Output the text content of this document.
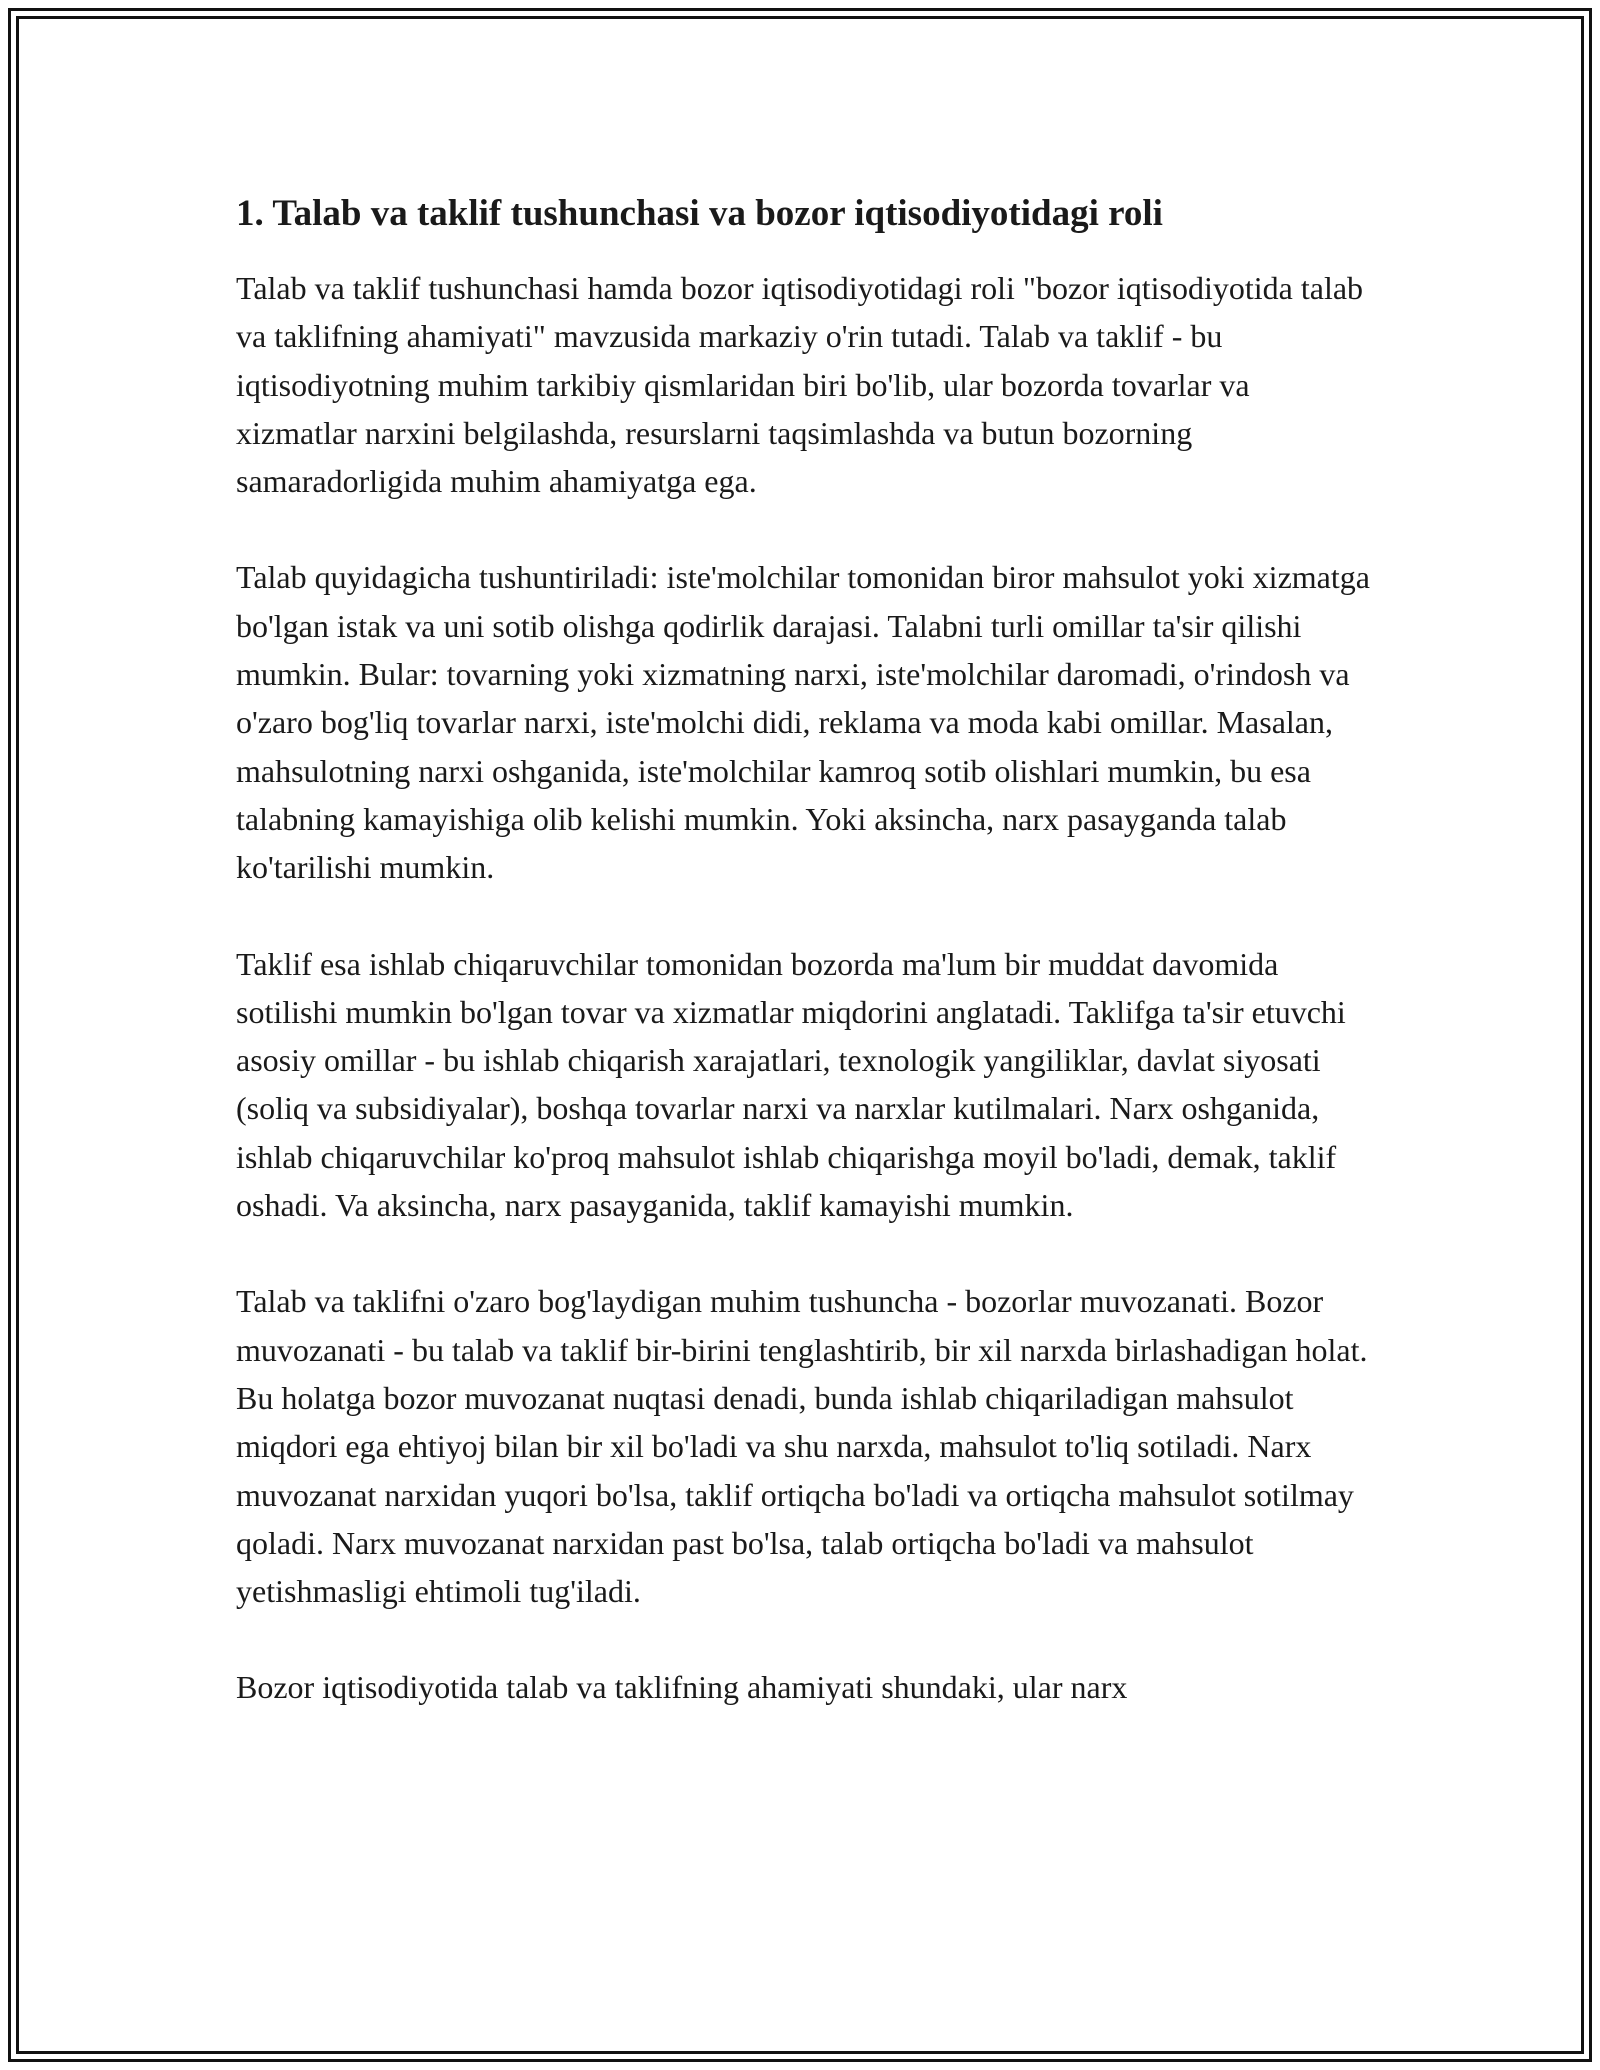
1. Talab va taklif tushunchasi va bozor iqtisodiyotidagi roli

Talab va taklif tushunchasi hamda bozor iqtisodiyotidagi roli "bozor iqtisodiyotida talab va taklifning ahamiyati" mavzusida markaziy o'rin tutadi. Talab va taklif - bu iqtisodiyotning muhim tarkibiy qismlaridan biri bo'lib, ular bozorda tovarlar va xizmatlar narxini belgilashda, resurslarni taqsimlashda va butun bozorning samaradorligida muhim ahamiyatga ega.

Talab quyidagicha tushuntiriladi: iste'molchilar tomonidan biror mahsulot yoki xizmatga bo'lgan istak va uni sotib olishga qodirlik darajasi. Talabni turli omillar ta'sir qilishi mumkin. Bular: tovarning yoki xizmatning narxi, iste'molchilar daromadi, o'rindosh va o'zaro bog'liq tovarlar narxi, iste'molchi didi, reklama va moda kabi omillar. Masalan, mahsulotning narxi oshganida, iste'molchilar kamroq sotib olishlari mumkin, bu esa talabning kamayishiga olib kelishi mumkin. Yoki aksincha, narx pasayganda talab ko'tarilishi mumkin.

Taklif esa ishlab chiqaruvchilar tomonidan bozorda ma'lum bir muddat davomida sotilishi mumkin bo'lgan tovar va xizmatlar miqdorini anglatadi. Taklifga ta'sir etuvchi asosiy omillar - bu ishlab chiqarish xarajatlari, texnologik yangiliklar, davlat siyosati (soliq va subsidiyalar), boshqa tovarlar narxi va narxlar kutilmalari. Narx oshganida, ishlab chiqaruvchilar ko'proq mahsulot ishlab chiqarishga moyil bo'ladi, demak, taklif oshadi. Va aksincha, narx pasayganida, taklif kamayishi mumkin.

Talab va taklifni o'zaro bog'laydigan muhim tushuncha - bozorlar muvozanati. Bozor muvozanati - bu talab va taklif bir-birini tenglashtirib, bir xil narxda birlashadigan holat. Bu holatga bozor muvozanat nuqtasi denadi, bunda ishlab chiqariladigan mahsulot miqdori ega ehtiyoj bilan bir xil bo'ladi va shu narxda, mahsulot to'liq sotiladi. Narx muvozanat narxidan yuqori bo'lsa, taklif ortiqcha bo'ladi va ortiqcha mahsulot sotilmay qoladi. Narx muvozanat narxidan past bo'lsa, talab ortiqcha bo'ladi va mahsulot yetishmasligi ehtimoli tug'iladi.

Bozor iqtisodiyotida talab va taklifning ahamiyati shundaki, ular narx
